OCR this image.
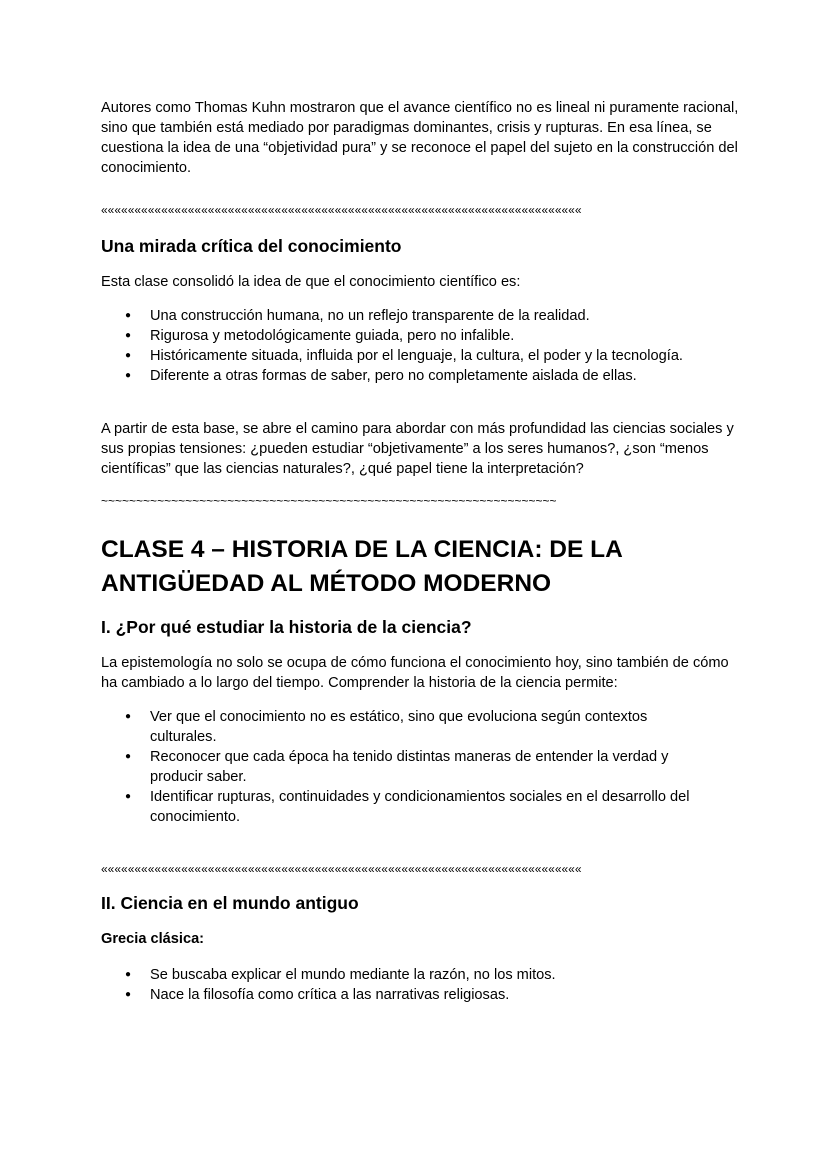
Autores como Thomas Kuhn mostraron que el avance científico no es lineal ni puramente racional, sino que también está mediado por paradigmas dominantes, crisis y rupturas. En esa línea, se cuestiona la idea de una “objetividad pura” y se reconoce el papel del sujeto en la construcción del conocimiento.

««««««««««««««««««««««««««««««««««««««««««««««««««««««««««««««««««««««««
Una mirada crítica del conocimiento

Esta clase consolidó la idea de que el conocimiento científico es:

● Una construcción humana, no un reflejo transparente de la realidad.
● Rigurosa y metodológicamente guiada, pero no infalible.
● Históricamente situada, influida por el lenguaje, la cultura, el poder y la tecnología.
● Diferente a otras formas de saber, pero no completamente aislada de ellas.

A partir de esta base, se abre el camino para abordar con más profundidad las ciencias sociales y sus propias tensiones: ¿pueden estudiar “objetivamente” a los seres humanos?, ¿son “menos científicas” que las ciencias naturales?, ¿qué papel tiene la interpretación?

~~~~~~~~~~~~~~~~~~~~~~~~~~~~~~~~~~~~~~~~~~~~~~~~~~~~~~~~~~~~~~~~~
CLASE 4 – HISTORIA DE LA CIENCIA: DE LA ANTIGÜEDAD AL MÉTODO MODERNO
I. ¿Por qué estudiar la historia de la ciencia?

La epistemología no solo se ocupa de cómo funciona el conocimiento hoy, sino también de cómo ha cambiado a lo largo del tiempo. Comprender la historia de la ciencia permite:

● Ver que el conocimiento no es estático, sino que evoluciona según contextos culturales.
● Reconocer que cada época ha tenido distintas maneras de entender la verdad y producir saber.
● Identificar rupturas, continuidades y condicionamientos sociales en el desarrollo del conocimiento.
««««««««««««««««««««««««««««««««««««««««««««««««««««««««««««««««««««««««
II. Ciencia en el mundo antiguo
Grecia clásica:
● Se buscaba explicar el mundo mediante la razón, no los mitos.
● Nace la filosofía como crítica a las narrativas religiosas.
